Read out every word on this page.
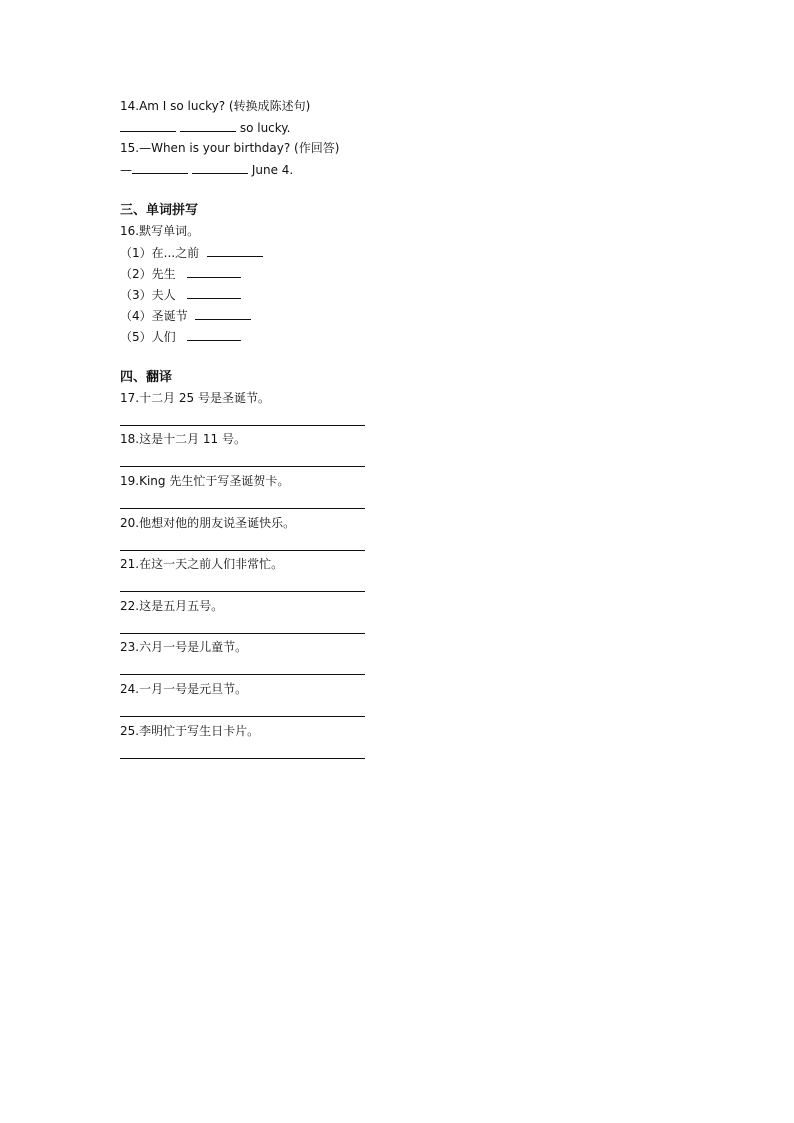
14.Am I so lucky? (转换成陈述句)
so lucky.
15.—When is your birthday? (作回答)
—	June 4.
三、单词拼写
16.默写单词。
（1）在...之前
（2）先生
（3）夫人
（4）圣诞节
（5）人们
四、翻译
17.十二月 25 号是圣诞节。
18.这是十二月 11 号。
19.King 先生忙于写圣诞贺卡。
20.他想对他的朋友说圣诞快乐。
21.在这一天之前人们非常忙。
22.这是五月五号。
23.六月一号是儿童节。
24.一月一号是元旦节。
25.李明忙于写生日卡片。
